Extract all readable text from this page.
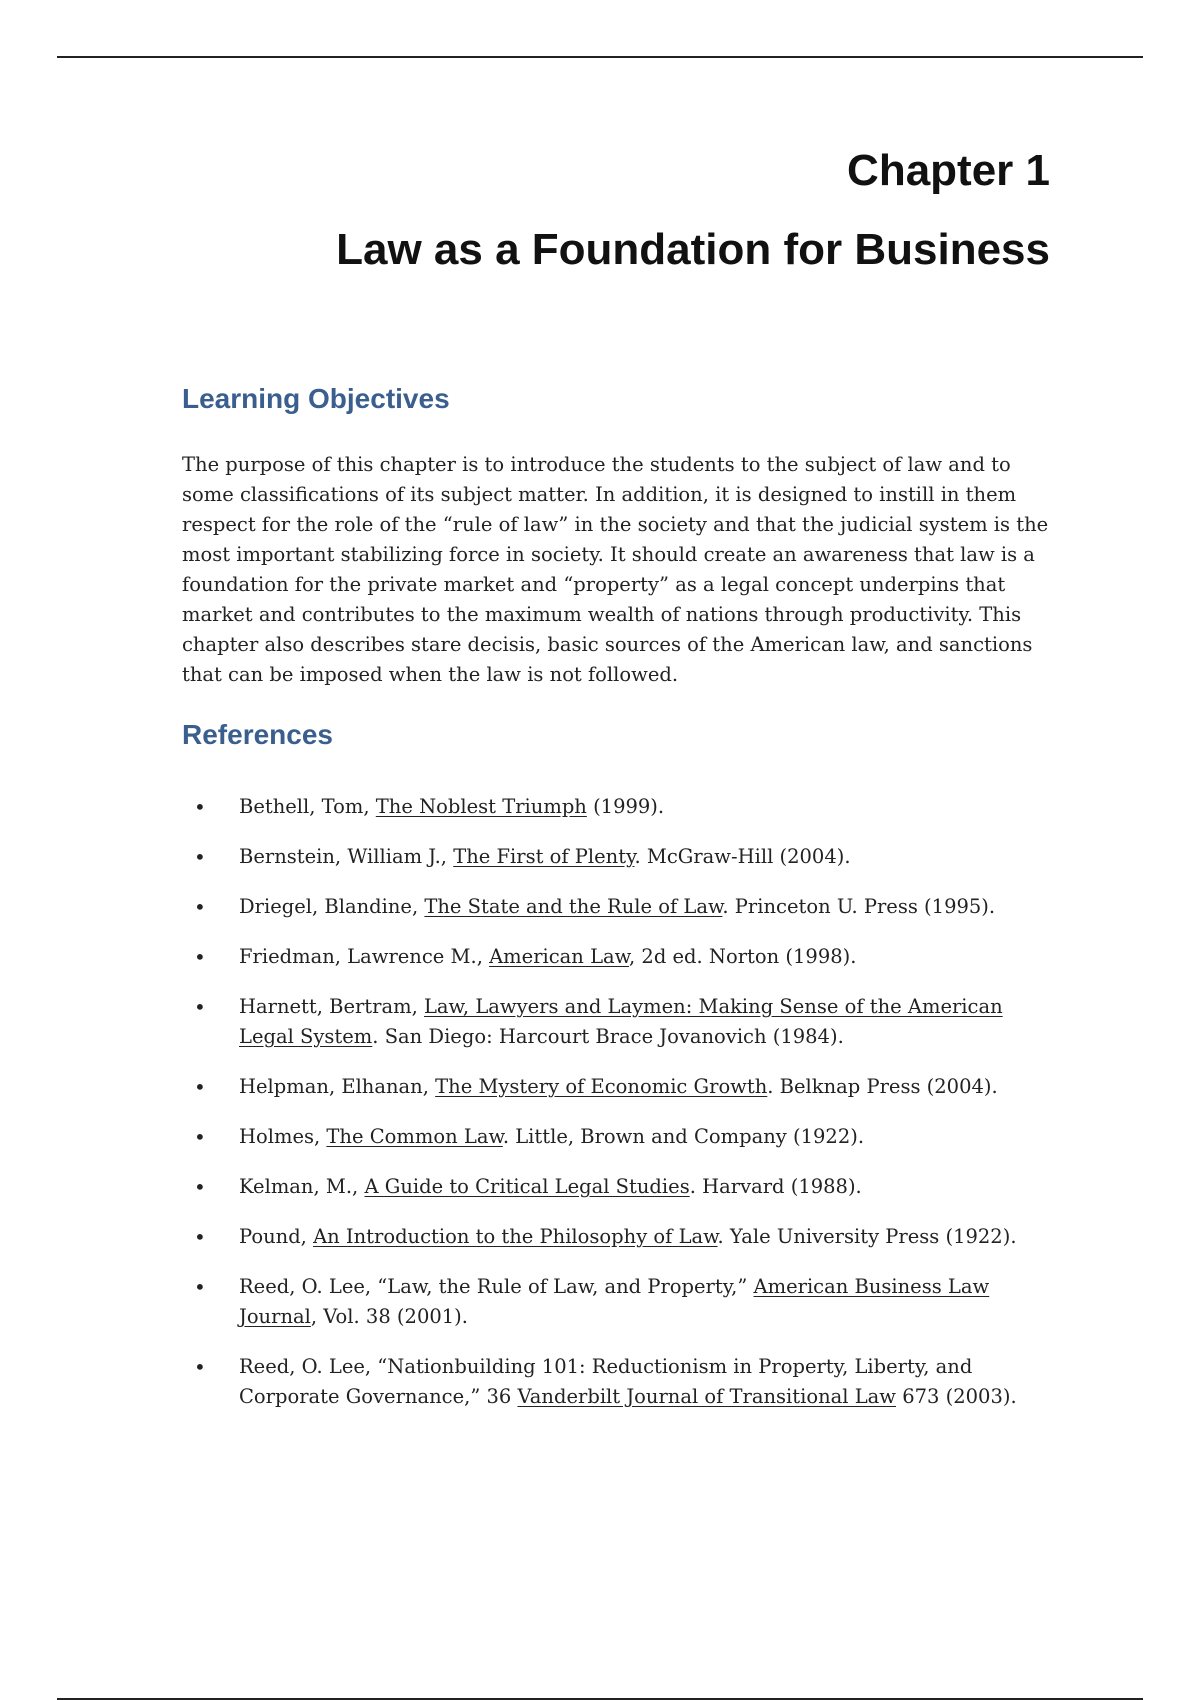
Chapter 1
Law as a Foundation for Business
Learning Objectives

The purpose of this chapter is to introduce the students to the subject of law and to some classifications of its subject matter. In addition, it is designed to instill in them respect for the role of the “rule of law” in the society and that the judicial system is the most important stabilizing force in society. It should create an awareness that law is a foundation for the private market and “property” as a legal concept underpins that market and contributes to the maximum wealth of nations through productivity. This chapter also describes stare decisis, basic sources of the American law, and sanctions that can be imposed when the law is not followed.

References
• Bethell, Tom, The Noblest Triumph (1999).
• Bernstein, William J., The First of Plenty. McGraw-Hill (2004).
• Driegel, Blandine, The State and the Rule of Law. Princeton U. Press (1995).
• Friedman, Lawrence M., American Law, 2d ed. Norton (1998).
• Harnett, Bertram, Law, Lawyers and Laymen: Making Sense of the American Legal System. San Diego: Harcourt Brace Jovanovich (1984).
• Helpman, Elhanan, The Mystery of Economic Growth. Belknap Press (2004).
• Holmes, The Common Law. Little, Brown and Company (1922).
• Kelman, M., A Guide to Critical Legal Studies. Harvard (1988).
• Pound, An Introduction to the Philosophy of Law. Yale University Press (1922).
• Reed, O. Lee, “Law, the Rule of Law, and Property,” American Business Law Journal, Vol. 38 (2001).
• Reed, O. Lee, “Nationbuilding 101: Reductionism in Property, Liberty, and Corporate Governance,” 36 Vanderbilt Journal of Transitional Law 673 (2003).
